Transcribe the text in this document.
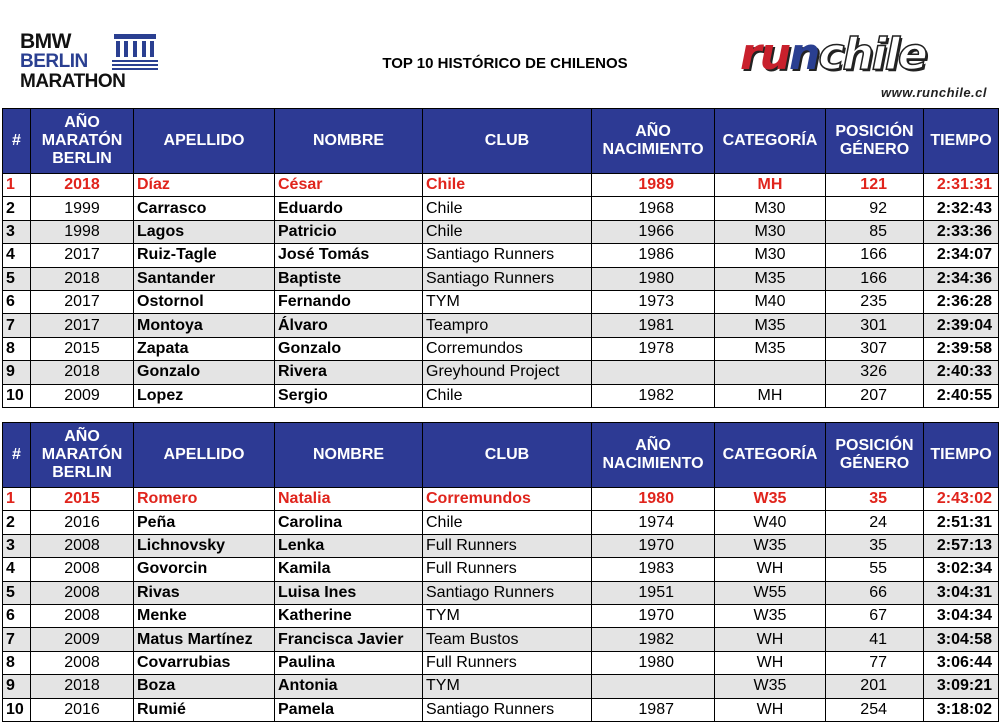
BMW
BERLIN
MARATHON
TOP 10 HISTÓRICO DE CHILENOS	runchile
www.runchile.cl
#	AÑO
MARATÓN
BERLIN	APELLIDO	NOMBRE	CLUB	AÑO
NACIMIENTO	CATEGORÍA	POSICIÓN
GÉNERO	TIEMPO
1	2018	Díaz	César	Chile	1989	MH	121	2:31:31
2	1999	Carrasco	Eduardo	Chile	1968	M30	92	2:32:43
3	1998	Lagos	Patricio	Chile	1966	M30	85	2:33:36
4	2017	Ruiz-Tagle	José Tomás	Santiago Runners	1986	M30	166	2:34:07
5	2018	Santander	Baptiste	Santiago Runners	1980	M35	166	2:34:36
6	2017	Ostornol	Fernando	TYM	1973	M40	235	2:36:28
7	2017	Montoya	Álvaro	Teampro	1981	M35	301	2:39:04
8	2015	Zapata	Gonzalo	Corremundos	1978	M35	307	2:39:58
9	2018	Gonzalo	Rivera	Greyhound Project			326	2:40:33
10	2009	Lopez	Sergio	Chile	1982	MH	207	2:40:55
#	AÑO
MARATÓN
BERLIN	APELLIDO	NOMBRE	CLUB	AÑO
NACIMIENTO	CATEGORÍA	POSICIÓN
GÉNERO	TIEMPO
1	2015	Romero	Natalia	Corremundos	1980	W35	35	2:43:02
2	2016	Peña	Carolina	Chile	1974	W40	24	2:51:31
3	2008	Lichnovsky	Lenka	Full Runners	1970	W35	35	2:57:13
4	2008	Govorcin	Kamila	Full Runners	1983	WH	55	3:02:34
5	2008	Rivas	Luisa Ines	Santiago Runners	1951	W55	66	3:04:31
6	2008	Menke	Katherine	TYM	1970	W35	67	3:04:34
7	2009	Matus Martínez	Francisca Javier	Team Bustos	1982	WH	41	3:04:58
8	2008	Covarrubias	Paulina	Full Runners	1980	WH	77	3:06:44
9	2018	Boza	Antonia	TYM		W35	201	3:09:21
10	2016	Rumié	Pamela	Santiago Runners	1987	WH	254	3:18:02
